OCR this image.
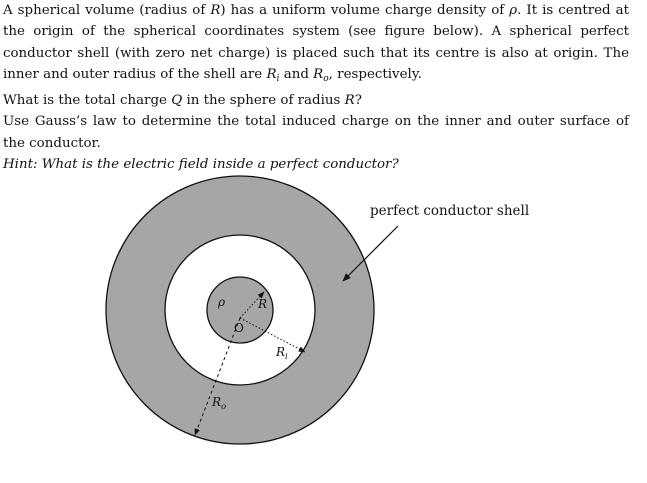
A spherical volume (radius of R) has a uniform volume charge density of ρ. It is centred at the origin of the spherical coordinates system (see figure below). A spherical perfect conductor shell (with zero net charge) is placed such that its centre is also at origin. The inner and outer radius of the shell are $R_i$ and $R_o$, respectively.

What is the total charge Q in the sphere of radius R?

Use Gauss’s law to determine the total induced charge on the inner and outer surface of the conductor.

Hint: What is the electric field inside a perfect conductor?

perfect conductor shell
ρ	R
O
$R_i$
$R_o$
